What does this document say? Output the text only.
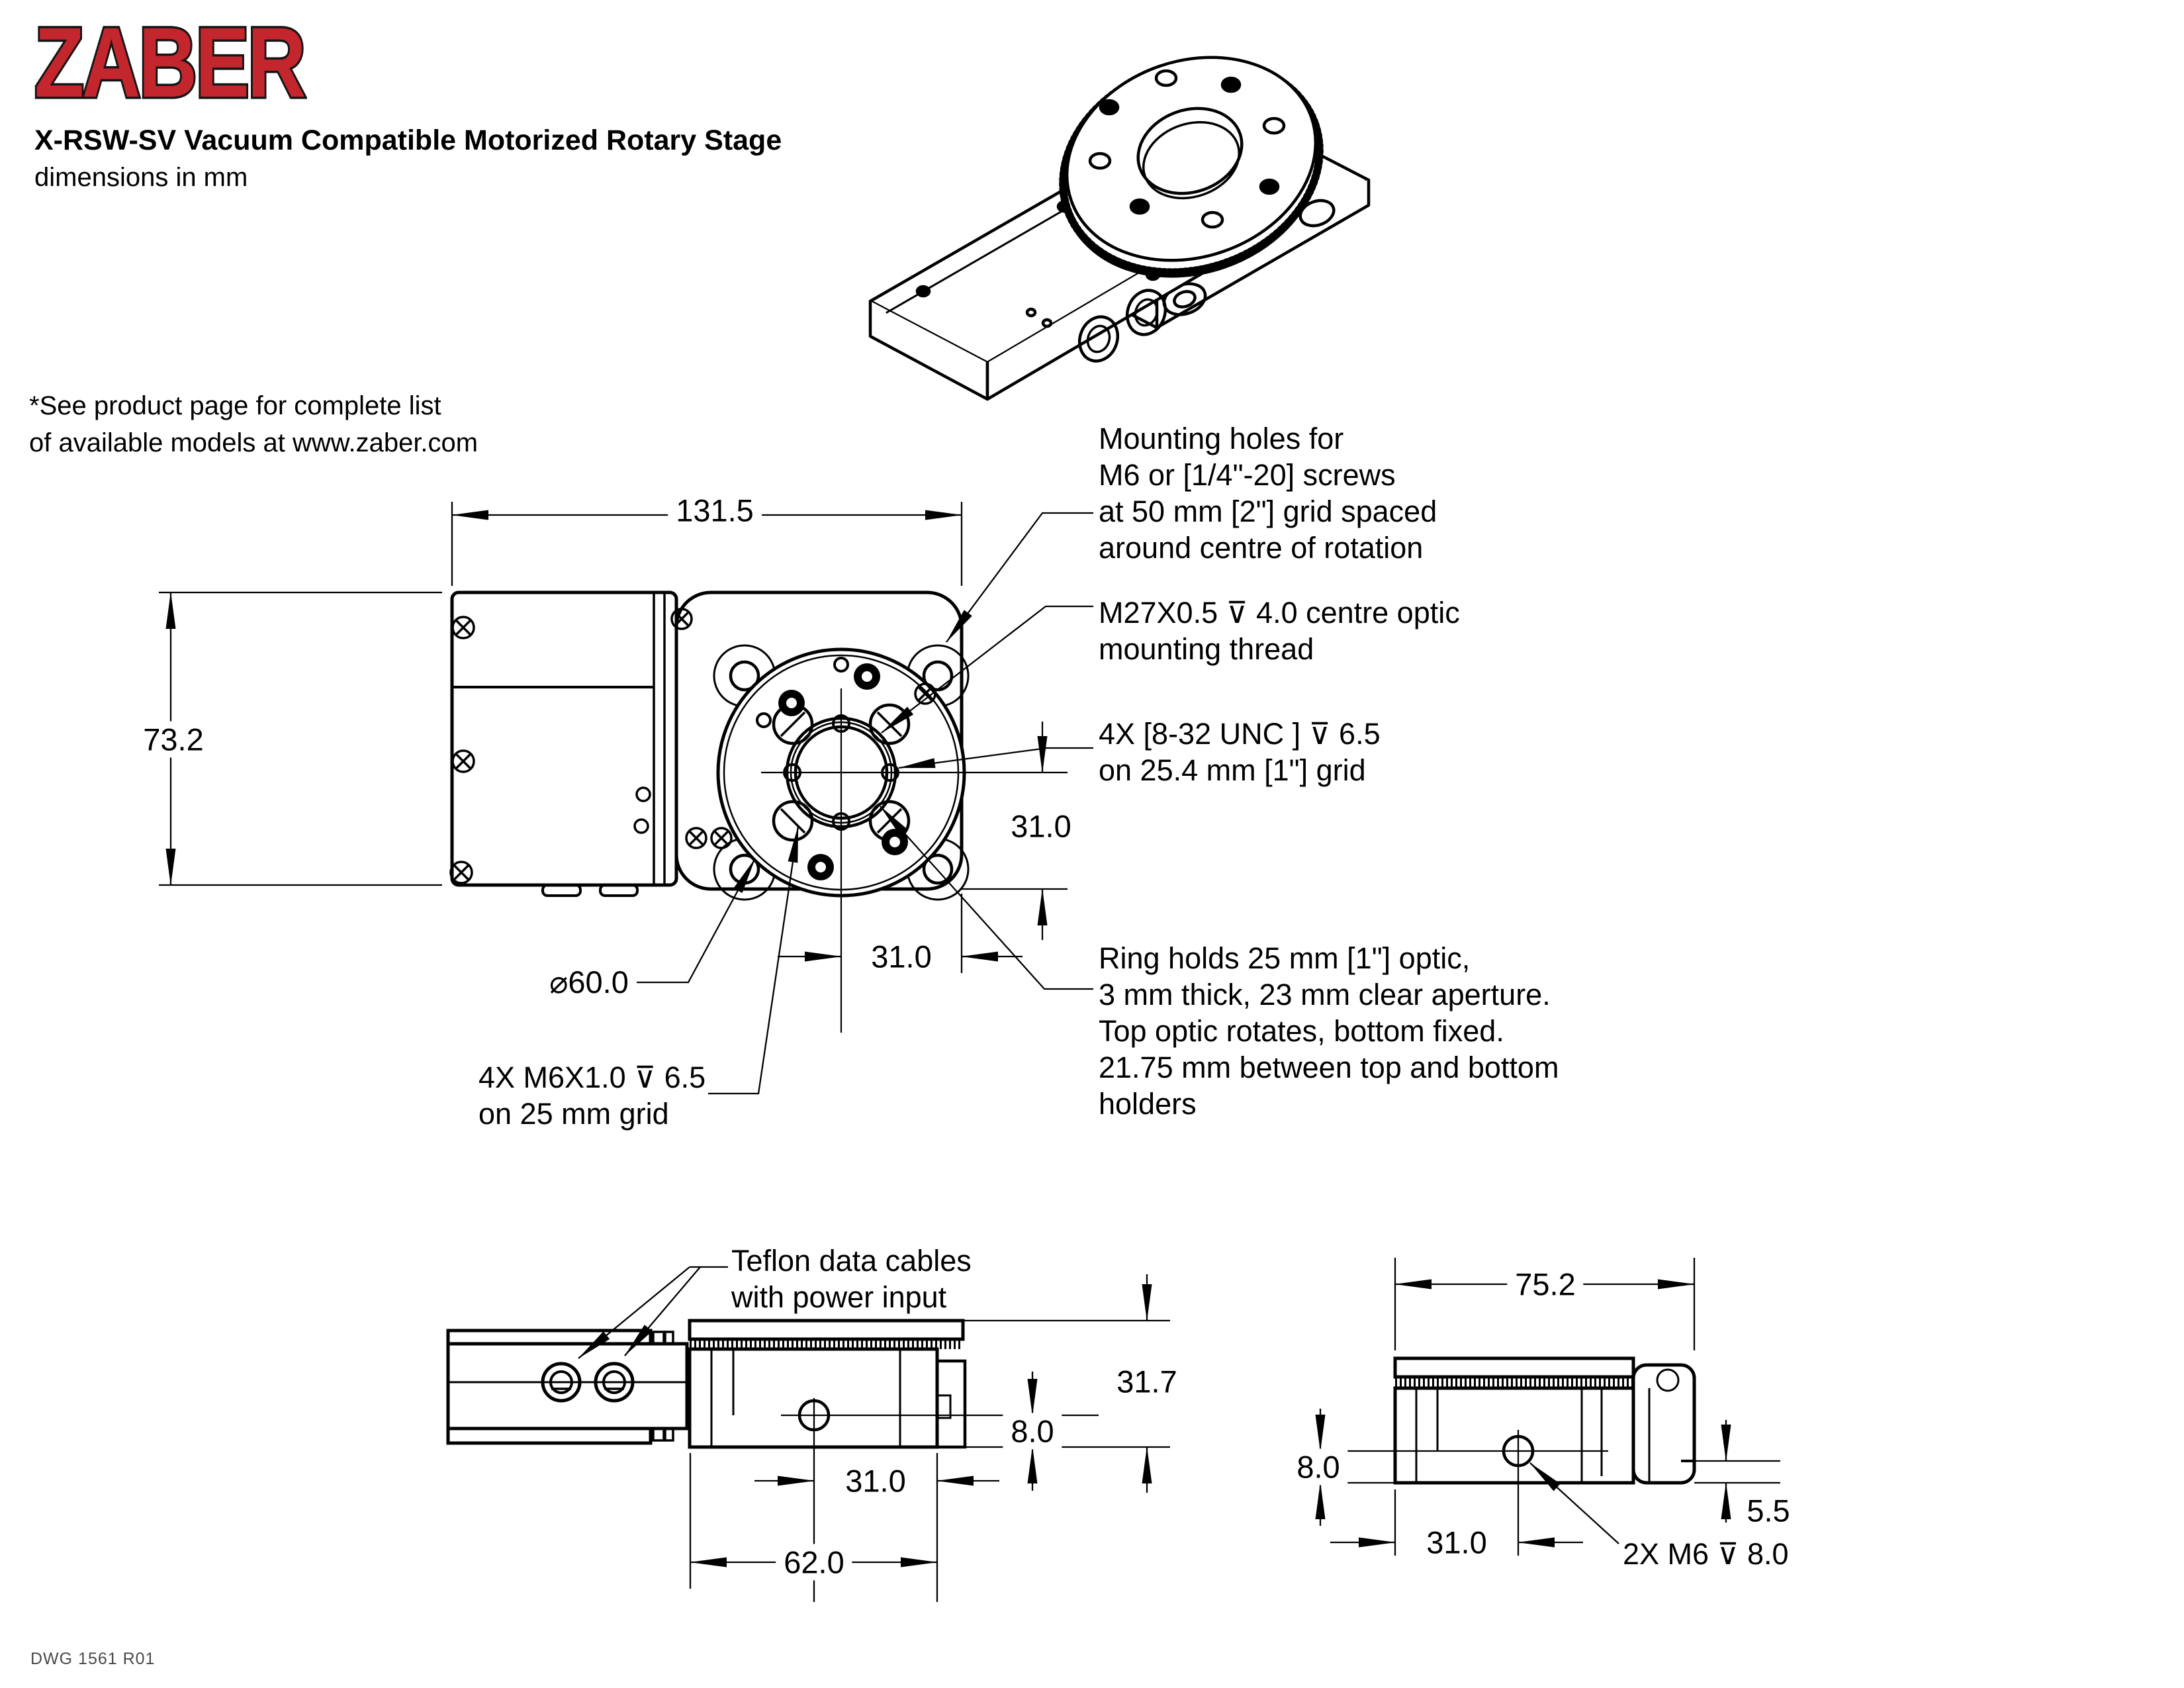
ZABER
X-RSW-SV Vacuum Compatible Motorized Rotary Stage
dimensions in mm
*See product page for complete list
of available models at www.zaber.com
131.5
73.2
31.0
31.0
⌀60.0
4X M6X1.0 ⊽ 6.5
on 25 mm grid
Mounting holes for
M6 or [1/4"-20] screws
at 50 mm [2"] grid spaced
around centre of rotation
M27X0.5 ⊽ 4.0 centre optic
mounting thread
4X [8-32 UNC ] ⊽ 6.5
on 25.4 mm [1"] grid
Ring holds 25 mm [1"] optic,
3 mm thick, 23 mm clear aperture.
Top optic rotates, bottom fixed.
21.75 mm between top and bottom
holders
Teflon data cables
with power input
31.7
8.0
31.0
62.0
75.2
8.0
31.0
5.5
2X M6 ⊽ 8.0
DWG 1561 R01
